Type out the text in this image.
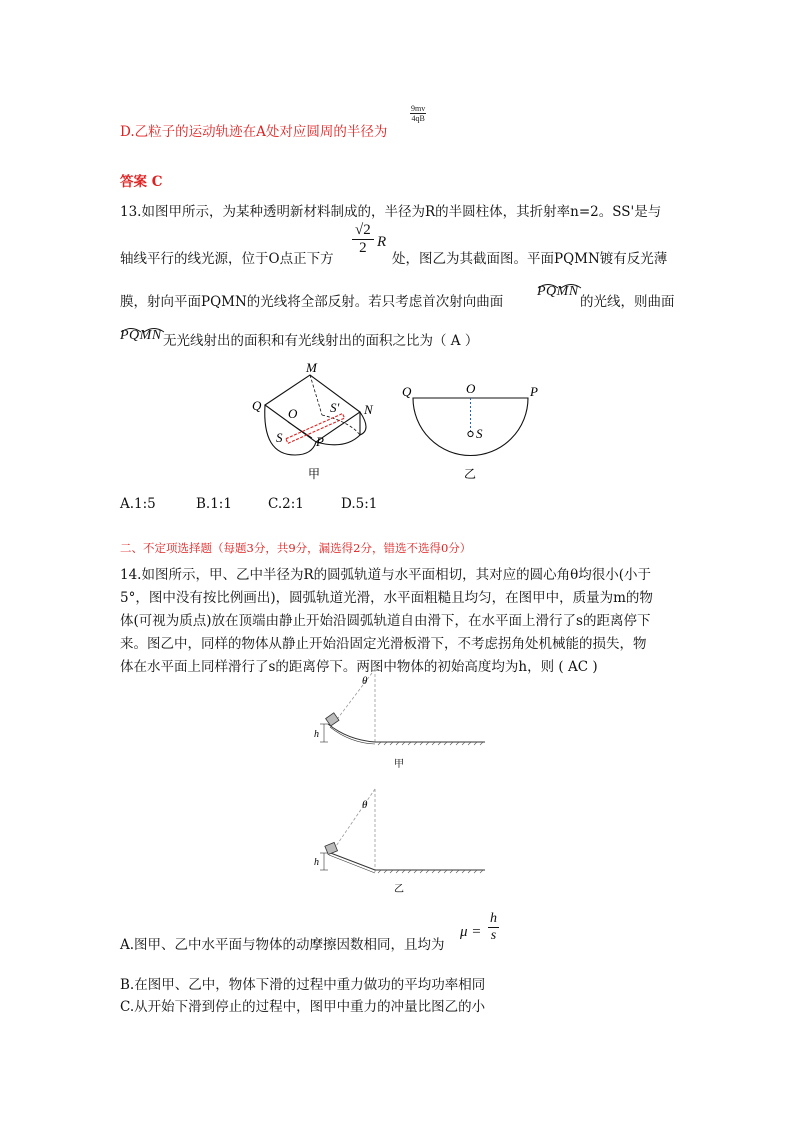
D.乙粒子的运动轨迹在A处对应圆周的半径为
$\frac{9mv}{4qB}$
答案 C
13.如图甲所示，为某种透明新材料制成的，半径为R的半圆柱体，其折射率n=2。SS'是与
轴线平行的线光源，位于O点正下方
$\frac{√2}{2}$ R
处，图乙为其截面图。平面PQMN镀有反光薄
膜，射向平面PQMN的光线将全部反射。若只考虑首次射向曲面
PQMN
的光线，则曲面
PQMN 无光线射出的面积和有光线射出的面积之比为（ A ）
Q
M
O	S' N
S	P
甲
Q	O	P
S
乙
A.1:5	B.1:1	C.2:1	D.5:1
二、不定项选择题（每题3分，共9分，漏选得2分，错选不选得0分）
14.如图所示，甲、乙中半径为R的圆弧轨道与水平面相切，其对应的圆心角θ均很小(小于
5°，图中没有按比例画出)，圆弧轨道光滑，水平面粗糙且均匀，在图甲中，质量为m的物
体(可视为质点)放在顶端由静止开始沿圆弧轨道自由滑下，在水平面上滑行了s的距离停下
来。图乙中，同样的物体从静止开始沿固定光滑板滑下，不考虑拐角处机械能的损失，物
体在水平面上同样滑行了s的距离停下。两图中物体的初始高度均为h，则 ( AC )
θ
h
甲
θ
h
乙
A.图甲、乙中水平面与物体的动摩擦因数相同，且均为
$\mu = \frac{h}{s}$
B.在图甲、乙中，物体下滑的过程中重力做功的平均功率相同
C.从开始下滑到停止的过程中，图甲中重力的冲量比图乙的小
